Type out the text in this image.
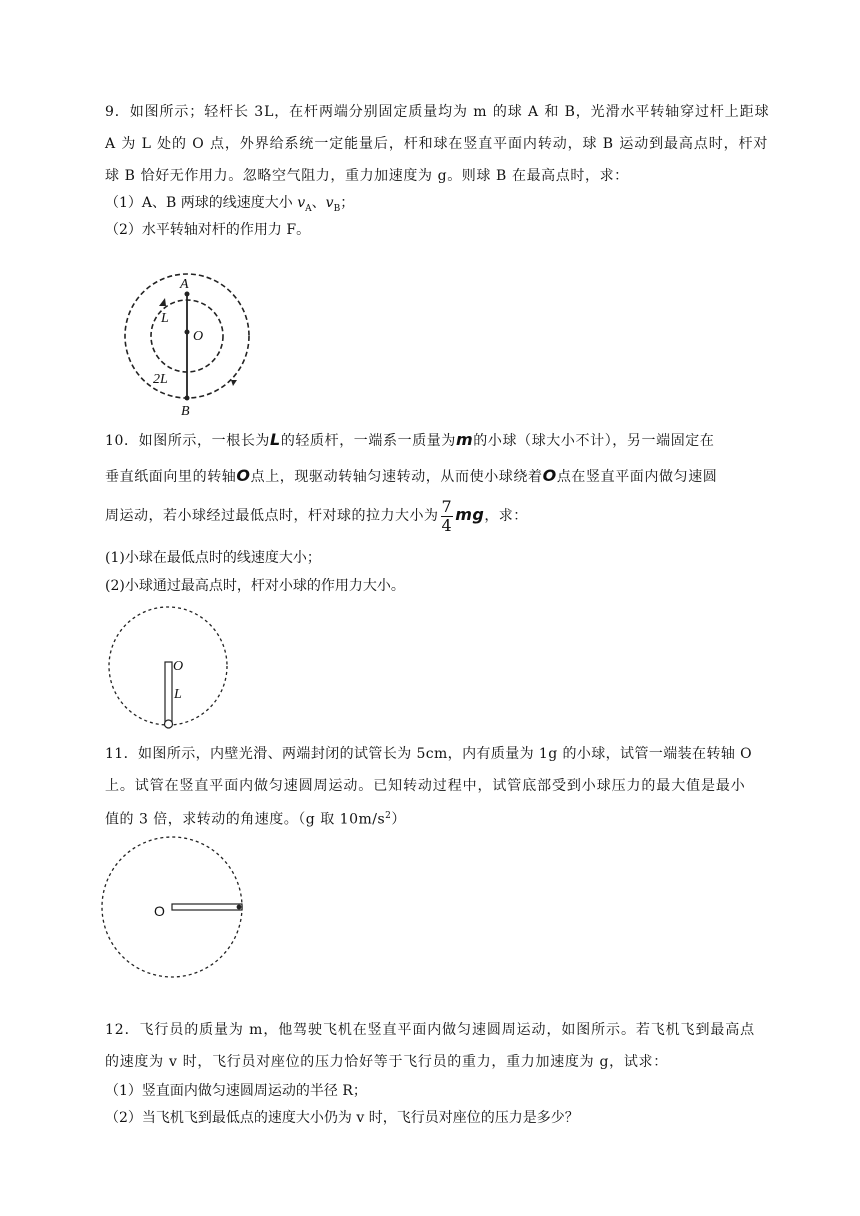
9．如图所示；轻杆长 3L，在杆两端分别固定质量均为 m 的球 A 和 B，光滑水平转轴穿过杆上距球
A 为 L 处的 O 点，外界给系统一定能量后，杆和球在竖直平面内转动，球 B 运动到最高点时，杆对
球 B 恰好无作用力。忽略空气阻力，重力加速度为 g。则球 B 在最高点时，求：
（1）A、B 两球的线速度大小 $v_A$、$v_B$；
（2）水平转轴对杆的作用力 F。
A
L
O
2L
B
10．如图所示，一根长为L的轻质杆，一端系一质量为m的小球（球大小不计），另一端固定在
垂直纸面向里的转轴O点上，现驱动转轴匀速转动，从而使小球绕着O点在竖直平面内做匀速圆
周运动，若小球经过最低点时，杆对球的拉力大小为 $\frac{7}{4}$ mg，求：
(1)小球在最低点时的线速度大小；
(2)小球通过最高点时，杆对小球的作用力大小。
O
L
11．如图所示，内壁光滑、两端封闭的试管长为 5cm，内有质量为 1g 的小球，试管一端装在转轴 O
上。试管在竖直平面内做匀速圆周运动。已知转动过程中，试管底部受到小球压力的最大值是最小
值的 3 倍，求转动的角速度。（g 取 $10m/s^2$）
O
12．飞行员的质量为 m，他驾驶飞机在竖直平面内做匀速圆周运动，如图所示。若飞机飞到最高点
的速度为 v 时，飞行员对座位的压力恰好等于飞行员的重力，重力加速度为 g，试求：
（1）竖直面内做匀速圆周运动的半径 R；
（2）当飞机飞到最低点的速度大小仍为 v 时，飞行员对座位的压力是多少？
